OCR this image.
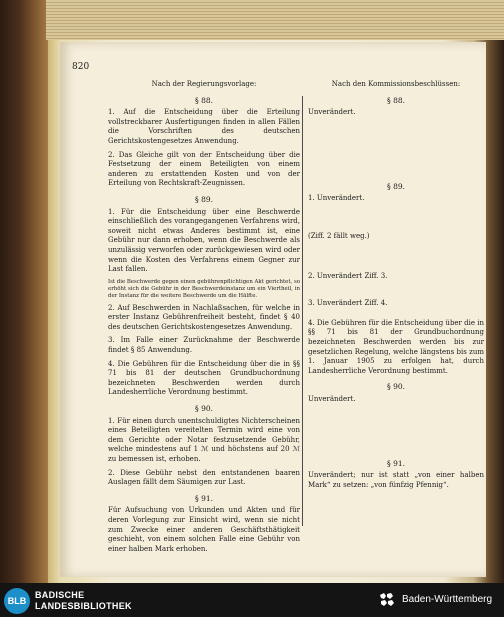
820
Nach der Regierungsvorlage:
§ 88.

1. Auf die Entscheidung über die Erteilung vollstreckbarer Ausfertigungen finden in allen Fällen die Vorschriften des deutschen Gerichtskostengesetzes Anwendung.

2. Das Gleiche gilt von der Entscheidung über die Festsetzung der einem Beteiligten von einem anderen zu erstattenden Kosten und von der Erteilung von Rechtskraft-Zeugnissen.

§ 89.

1. Für die Entscheidung über eine Beschwerde einschließlich des vorangegangenen Verfahrens wird, soweit nicht etwas Anderes bestimmt ist, eine Gebühr nur dann erhoben, wenn die Beschwerde als unzulässig verworfen oder zurückgewiesen wird oder wenn die Kosten des Verfahrens einem Gegner zur Last fallen.

Ist die Beschwerde gegen einen gebührenpflichtigen Akt gerichtet, so erhöht sich die Gebühr in der Beschwerdeinstanz um ein Viertheil, in der Instanz für die weitere Beschwerde um die Hälfte.

2. Auf Beschwerden in Nachlaßsachen, für welche in erster Instanz Gebührenfreiheit besteht, findet § 40 des deutschen Gerichtskostengesetzes Anwendung.

3. Im Falle einer Zurücknahme der Beschwerde findet § 85 Anwendung.

4. Die Gebühren für die Entscheidung über die in §§ 71 bis 81 der deutschen Grundbuchordnung bezeichneten Beschwerden werden durch Landesherrliche Verordnung bestimmt.

§ 90.

1. Für einen durch unentschuldigtes Nichterscheinen eines Beteiligten vereitelten Termin wird eine von dem Gerichte oder Notar festzusetzende Gebühr, welche mindestens auf 1 ℳ und höchstens auf 20 ℳ zu bemessen ist, erhoben.

2. Diese Gebühr nebst den entstandenen baaren Auslagen fällt dem Säumigen zur Last.

§ 91.

Für Aufsuchung von Urkunden und Akten und für deren Vorlegung zur Einsicht wird, wenn sie nicht zum Zwecke einer anderen Geschäftsthätigkeit geschieht, von einem solchen Falle eine Gebühr von einer halben Mark erhoben.

Nach den Kommissionsbeschlüssen:
§ 88.

Unverändert.

§ 89.

1. Unverändert.

(Ziff. 2 fällt weg.)

2. Unverändert Ziff. 3.

3. Unverändert Ziff. 4.

4. Die Gebühren für die Entscheidung über die in §§ 71 bis 81 der Grundbuchordnung bezeichneten Beschwerden werden bis zur gesetzlichen Regelung, welche längstens bis zum 1. Januar 1905 zu erfolgen hat, durch Landesherrliche Verordnung bestimmt.

§ 90.

Unverändert.

§ 91.

Unverändert; nur ist statt „von einer halben Mark“ zu setzen: „von fünfzig Pfennig“.

BLB
BADISCHE
LANDESBIBLIOTHEK
Baden-Württemberg
